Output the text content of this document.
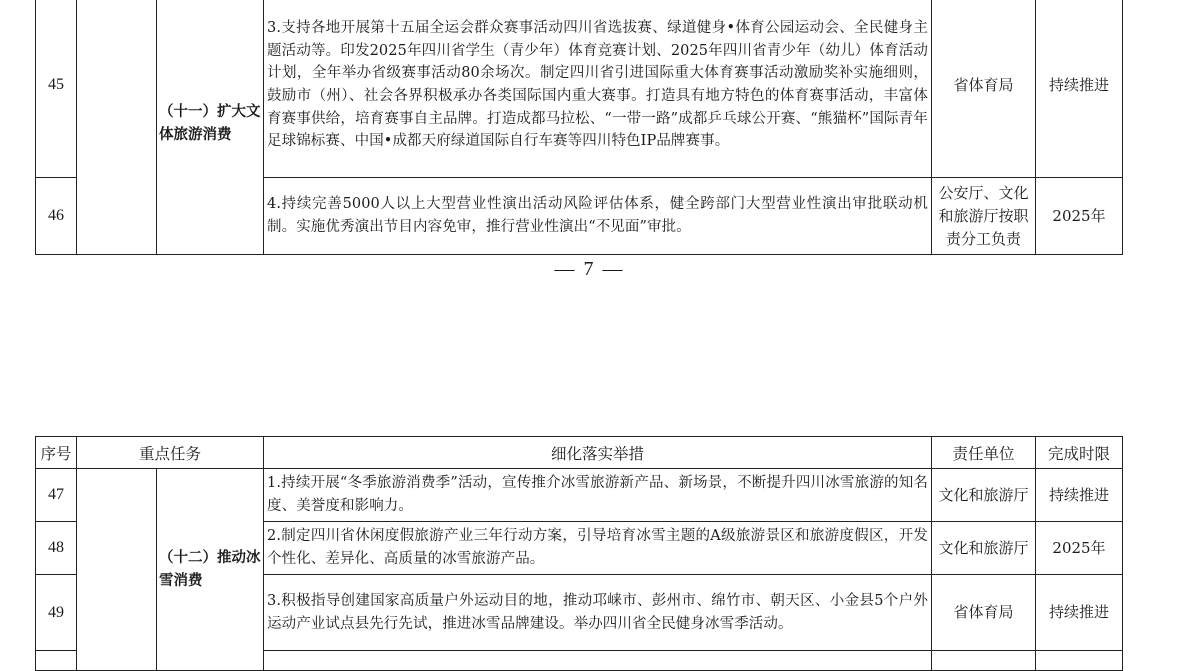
45		（十一）扩大文体旅游消费	3.支持各地开展第十五届全运会群众赛事活动四川省选拔赛、绿道健身•体育公园运动会、全民健身主题活动等。印发2025年四川省学生（青少年）体育竞赛计划、2025年四川省青少年（幼儿）体育活动计划，全年举办省级赛事活动80余场次。制定四川省引进国际重大体育赛事活动激励奖补实施细则，鼓励市（州）、社会各界积极承办各类国际国内重大赛事。打造具有地方特色的体育赛事活动，丰富体育赛事供给，培育赛事自主品牌。打造成都马拉松、“一带一路”成都乒乓球公开赛、“熊猫杯”国际青年足球锦标赛、中国•成都天府绿道国际自行车赛等四川特色IP品牌赛事。	省体育局	持续推进
46			4.持续完善5000人以上大型营业性演出活动风险评估体系，健全跨部门大型营业性演出审批联动机制。实施优秀演出节目内容免审，推行营业性演出“不见面”审批。	公安厅、文化和旅游厅按职责分工负责	2025年
— 7 —
序号	重点任务		细化落实举措	责任单位	完成时限
47		（十二）推动冰雪消费	1.持续开展“冬季旅游消费季”活动，宣传推介冰雪旅游新产品、新场景，不断提升四川冰雪旅游的知名度、美誉度和影响力。	文化和旅游厅	持续推进
48			2.制定四川省休闲度假旅游产业三年行动方案，引导培育冰雪主题的A级旅游景区和旅游度假区，开发个性化、差异化、高质量的冰雪旅游产品。	文化和旅游厅	2025年
49			3.积极指导创建国家高质量户外运动目的地，推动邛崃市、彭州市、绵竹市、朝天区、小金县5个户外运动产业试点县先行先试，推进冰雪品牌建设。举办四川省全民健身冰雪季活动。	省体育局	持续推进
